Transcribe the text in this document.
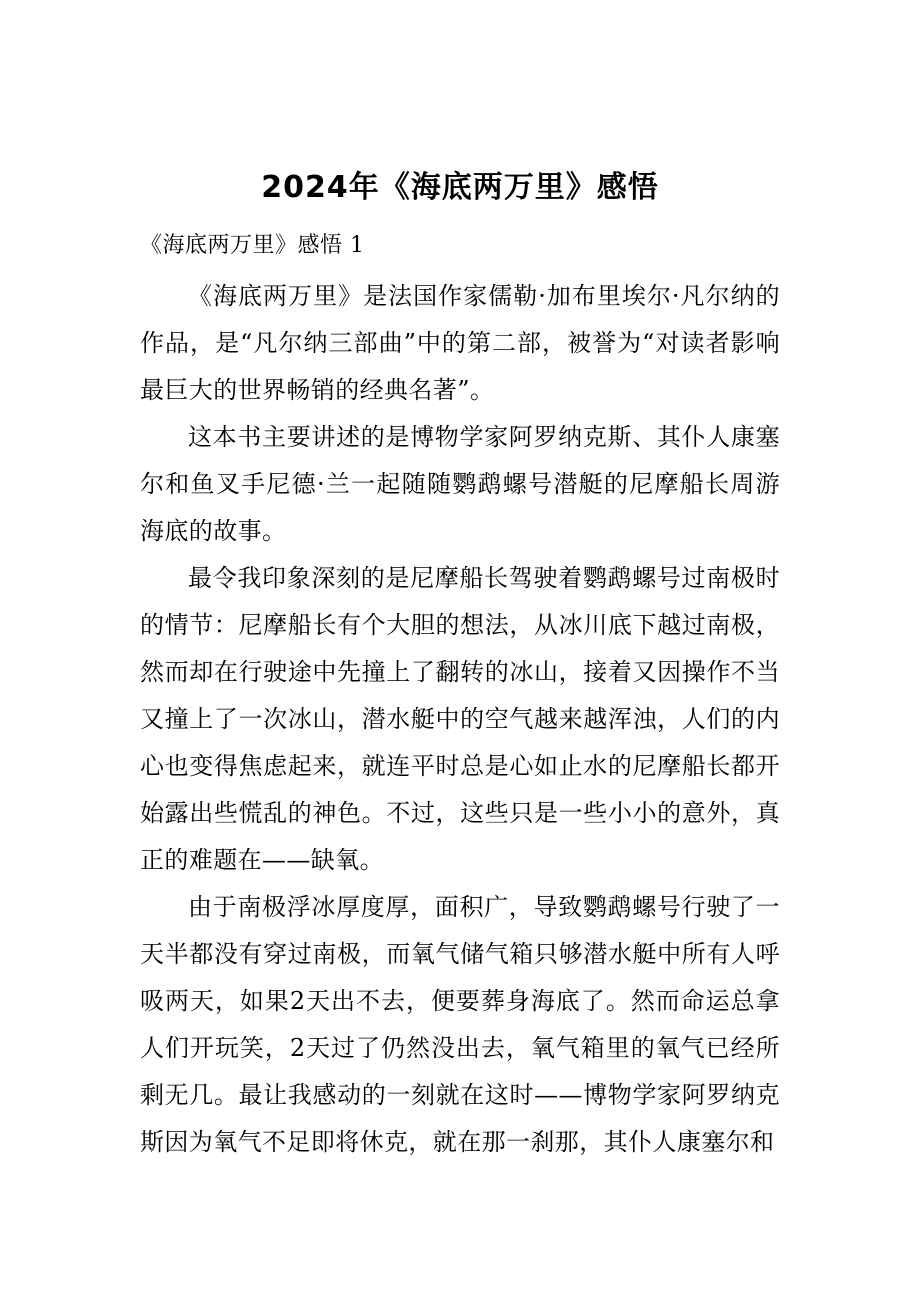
2024年《海底两万里》感悟

《海底两万里》感悟 1

《海底两万里》是法国作家儒勒·加布里埃尔·凡尔纳的作品，是“凡尔纳三部曲”中的第二部，被誉为“对读者影响最巨大的世界畅销的经典名著”。

这本书主要讲述的是博物学家阿罗纳克斯、其仆人康塞尔和鱼叉手尼德·兰一起随随鹦鹉螺号潜艇的尼摩船长周游海底的故事。

最令我印象深刻的是尼摩船长驾驶着鹦鹉螺号过南极时的情节：尼摩船长有个大胆的想法，从冰川底下越过南极，然而却在行驶途中先撞上了翻转的冰山，接着又因操作不当又撞上了一次冰山，潜水艇中的空气越来越浑浊，人们的内心也变得焦虑起来，就连平时总是心如止水的尼摩船长都开始露出些慌乱的神色。不过，这些只是一些小小的意外，真正的难题在——缺氧。

由于南极浮冰厚度厚，面积广，导致鹦鹉螺号行驶了一天半都没有穿过南极，而氧气储气箱只够潜水艇中所有人呼吸两天，如果2天出不去，便要葬身海底了。然而命运总拿人们开玩笑，2天过了仍然没出去，氧气箱里的氧气已经所剩无几。最让我感动的一刻就在这时——博物学家阿罗纳克斯因为氧气不足即将休克，就在那一刹那，其仆人康塞尔和
